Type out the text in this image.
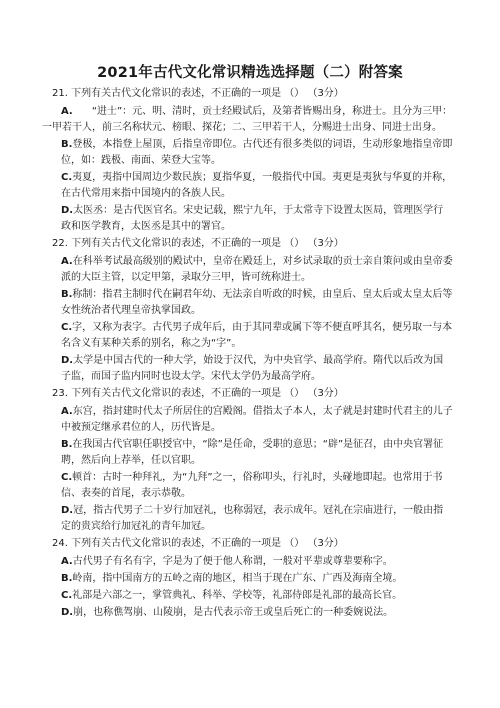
2021年古代文化常识精选选择题（二）附答案
21. 下列有关古代文化常识的表述，不正确的一项是 （） （3分）
A. “进士”：元、明、清时，贡士经殿试后，及第者皆赐出身，称进士。且分为三甲：一甲若干人，前三名称状元、榜眼、探花；二、三甲若干人，分赐进士出身、同进士出身。
B.登极，本指登上屋顶，后指皇帝即位。古代还有很多类似的词语，生动形象地指皇帝即位，如：践极、南面、荣登大宝等。
C.夷夏，夷指中国周边少数民族；夏指华夏，一般指代中国。夷更是夷狄与华夏的并称，在古代常用来指中国境内的各族人民。
D.太医丞：是古代医官名。宋史记载，熙宁九年，于太常寺下设置太医局，管理医学行政和医学教育，太医丞是其中的署官。
22. 下列有关古代文化常识的表述，不正确的一项是 （） （3分）
A.在科举考试最高级别的殿试中，皇帝在殿廷上，对乡试录取的贡士亲自策问或由皇帝委派的大臣主管，以定甲第，录取分三甲，皆可统称进士。
B.称制：指君主制时代在嗣君年幼、无法亲自听政的时候，由皇后、皇太后或太皇太后等女性统治者代理皇帝执掌国政。
C.字，又称为表字。古代男子成年后，由于其同辈或属下等不便直呼其名，便另取一与本名含义有某种关系的别名，称之为“字”。
D.太学是中国古代的一种大学，始设于汉代，为中央官学、最高学府。隋代以后改为国子监，而国子监内同时也设太学。宋代太学仍为最高学府。
23. 下列有关古代文化常识的表述，不正确的一项是 （） （3分）
A.东宫，指封建时代太子所居住的宫殿阁。借指太子本人，太子就是封建时代君主的儿子中被预定继承君位的人，历代皆是。
B.在我国古代官职任职授官中，“除”是任命，受职的意思；“辟”是征召，由中央官署征聘，然后向上荐举，任以官职。
C.顿首：古时一种拜礼，为“九拜”之一，俗称叩头，行礼时，头碰地即起。也常用于书信、表奏的首尾，表示恭敬。
D.冠，指古代男子二十岁行加冠礼，也称弱冠，表示成年。冠礼在宗庙进行，一般由指定的贵宾给行加冠礼的青年加冠。
24. 下列有关古代文化常识的表述，不正确的一项是 （） （3分）
A.古代男子有名有字，字是为了便于他人称谓，一般对平辈或尊辈要称字。
B.岭南，指中国南方的五岭之南的地区，相当于现在广东、广西及海南全境。
C.礼部是六部之一，掌管典礼、科举、学校等，礼部侍郎是礼部的最高长官。
D.崩，也称僬驾崩、山陵崩，是古代表示帝王或皇后死亡的一种委婉说法。
